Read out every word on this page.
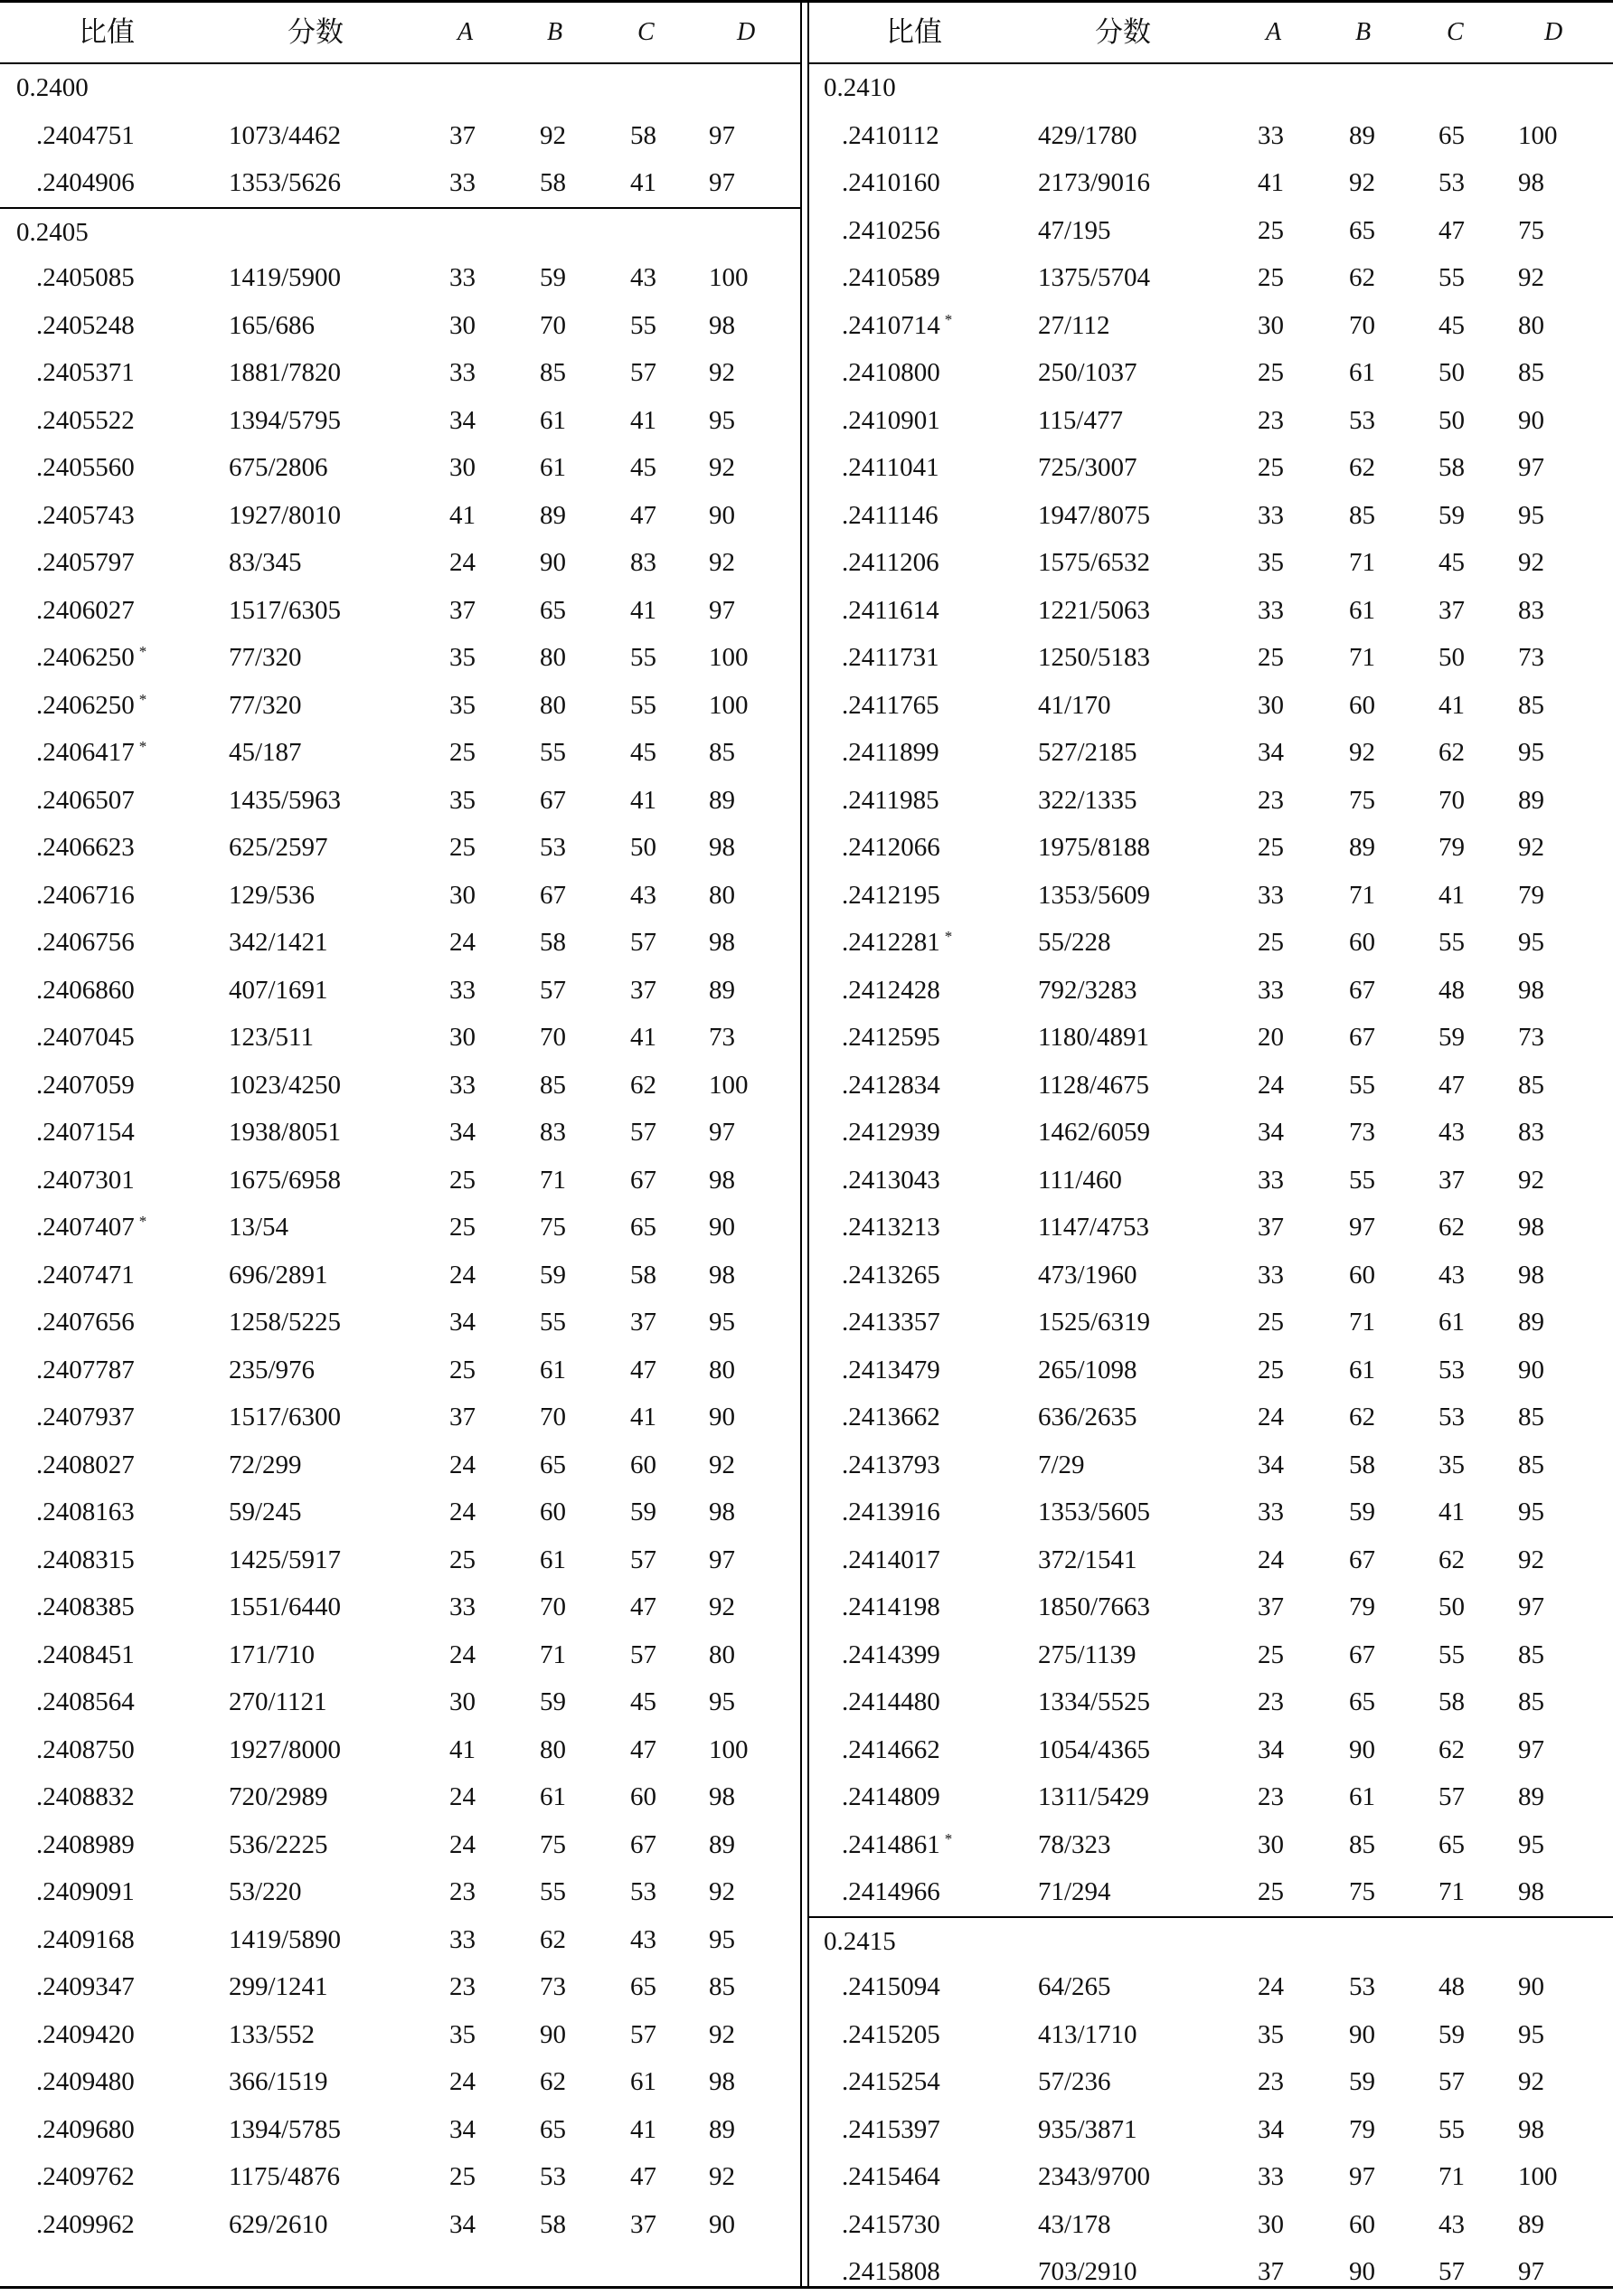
比值	分数	A	B	C	D
0.2400
.2404751	1073/4462	37 92 58 97
.2404906	1353/5626	33 58 41 97
0.2405
.2405085	1419/5900	33 59 43 100
.2405248	165/686	30 70 55 98
.2405371	1881/7820	33 85 57 92
.2405522	1394/5795	34 61 41 95
.2405560	675/2806	30 61 45 92
.2405743	1927/8010	41 89 47 90
.2405797	83/345	24 90 83 92
.2406027	1517/6305	37 65 41 97
.2406250 *	77/320	35 80 55 100
.2406250 *	77/320	35 80 55 100
.2406417 *	45/187	25 55 45 85
.2406507	1435/5963	35 67 41 89
.2406623	625/2597	25 53 50 98
.2406716	129/536	30 67 43 80
.2406756	342/1421	24 58 57 98
.2406860	407/1691	33 57 37 89
.2407045	123/511	30 70 41 73
.2407059	1023/4250	33 85 62 100
.2407154	1938/8051	34 83 57 97
.2407301	1675/6958	25 71 67 98
.2407407 *	13/54	25 75 65 90
.2407471	696/2891	24 59 58 98
.2407656	1258/5225	34 55 37 95
.2407787	235/976	25 61 47 80
.2407937	1517/6300	37 70 41 90
.2408027	72/299	24 65 60 92
.2408163	59/245	24 60 59 98
.2408315	1425/5917	25 61 57 97
.2408385	1551/6440	33 70 47 92
.2408451	171/710	24 71 57 80
.2408564	270/1121	30 59 45 95
.2408750	1927/8000	41 80 47 100
.2408832	720/2989	24 61 60 98
.2408989	536/2225	24 75 67 89
.2409091	53/220	23 55 53 92
.2409168	1419/5890	33 62 43 95
.2409347	299/1241	23 73 65 85
.2409420	133/552	35 90 57 92
.2409480	366/1519	24 62 61 98
.2409680	1394/5785	34 65 41 89
.2409762	1175/4876	25 53 47 92
.2409962	629/2610	34 58 37 90
比值	分数	A	B	C	D
0.2410
.2410112	429/1780	33 89 65 100
.2410160	2173/9016	41 92 53 98
.2410256	47/195	25 65 47 75
.2410589	1375/5704	25 62 55 92
.2410714 *	27/112	30 70 45 80
.2410800	250/1037	25 61 50 85
.2410901	115/477	23 53 50 90
.2411041	725/3007	25 62 58 97
.2411146	1947/8075	33 85 59 95
.2411206	1575/6532	35 71 45 92
.2411614	1221/5063	33 61 37 83
.2411731	1250/5183	25 71 50 73
.2411765	41/170	30 60 41 85
.2411899	527/2185	34 92 62 95
.2411985	322/1335	23 75 70 89
.2412066	1975/8188	25 89 79 92
.2412195	1353/5609	33 71 41 79
.2412281 *	55/228	25 60 55 95
.2412428	792/3283	33 67 48 98
.2412595	1180/4891	20 67 59 73
.2412834	1128/4675	24 55 47 85
.2412939	1462/6059	34 73 43 83
.2413043	111/460	33 55 37 92
.2413213	1147/4753	37 97 62 98
.2413265	473/1960	33 60 43 98
.2413357	1525/6319	25 71 61 89
.2413479	265/1098	25 61 53 90
.2413662	636/2635	24 62 53 85
.2413793	7/29	34 58 35 85
.2413916	1353/5605	33 59 41 95
.2414017	372/1541	24 67 62 92
.2414198	1850/7663	37 79 50 97
.2414399	275/1139	25 67 55 85
.2414480	1334/5525	23 65 58 85
.2414662	1054/4365	34 90 62 97
.2414809	1311/5429	23 61 57 89
.2414861 *	78/323	30 85 65 95
.2414966	71/294	25 75 71 98
0.2415
.2415094	64/265	24 53 48 90
.2415205	413/1710	35 90 59 95
.2415254	57/236	23 59 57 92
.2415397	935/3871	34 79 55 98
.2415464	2343/9700	33 97 71 100
.2415730	43/178	30 60 43 89
.2415808	703/2910	37 90 57 97
